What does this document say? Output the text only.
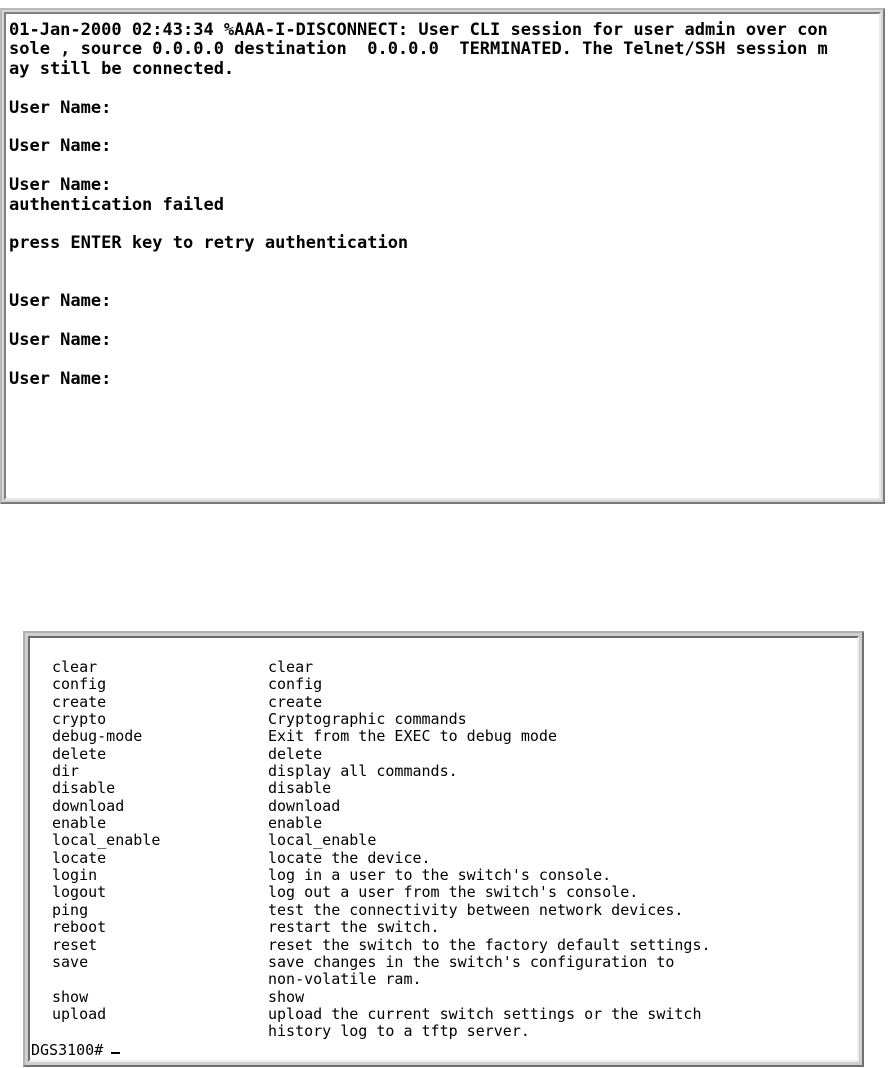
01-Jan-2000 02:43:34 %AAA-I-DISCONNECT: User CLI session for user admin over con
sole , source 0.0.0.0 destination  0.0.0.0  TERMINATED. The Telnet/SSH session m
ay still be connected.
User Name:
User Name:
User Name:
authentication failed
press ENTER key to retry authentication
User Name:
User Name:
User Name:
clear	clear
config	config
create	create
crypto	Cryptographic commands
debug-mode	Exit from the EXEC to debug mode
delete	delete
dir	display all commands.
disable	disable
download	download
enable	enable
local_enable	local_enable
locate	locate the device.
login	log in a user to the switch's console.
logout	log out a user from the switch's console.
ping	test the connectivity between network devices.
reboot	restart the switch.
reset	reset the switch to the factory default settings.
save	save changes in the switch's configuration to
non-volatile ram.
show	show
upload	upload the current switch settings or the switch
history log to a tftp server.
DGS3100#
